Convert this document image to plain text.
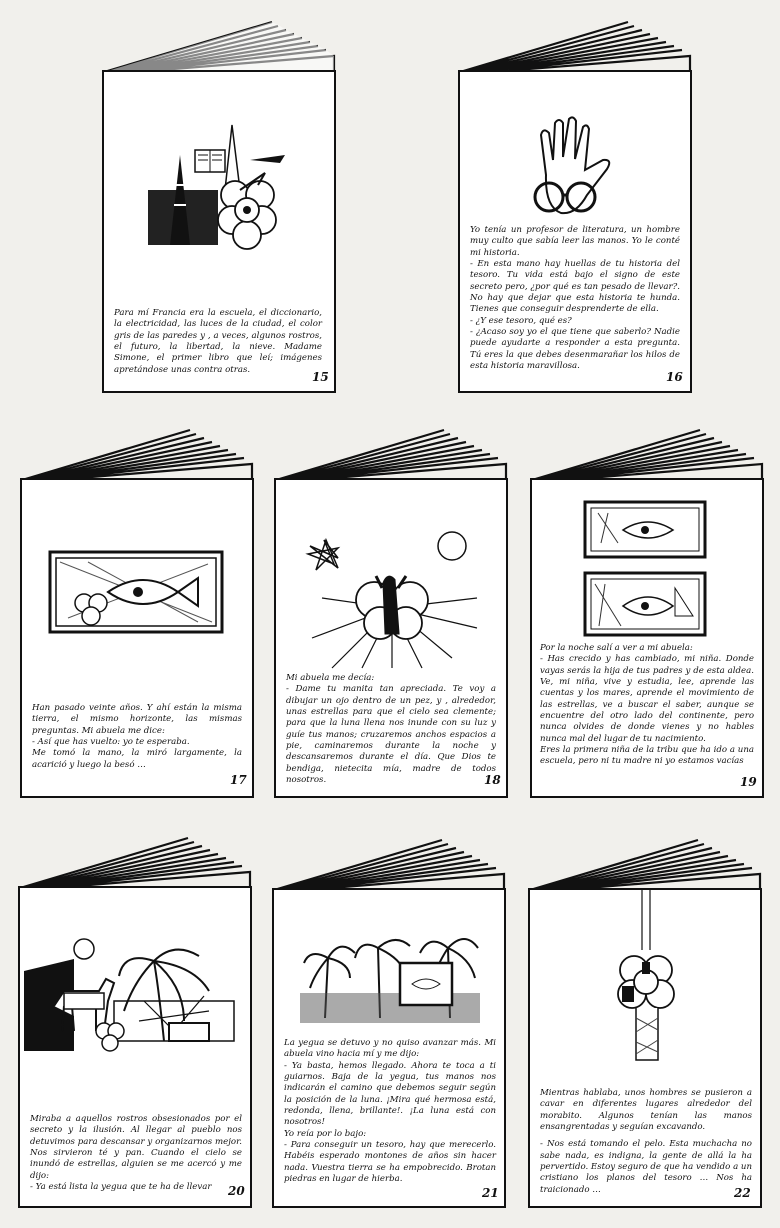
Para mí Francia era la escuela, el diccionario, la electricidad, las luces de la ciudad, el color gris de las paredes y , a veces, algunos rostros, el futuro, la libertad, la nieve. Madame Simone, el primer libro que leí; imágenes apretándose unas contra otras.

15

Yo tenía un profesor de literatura, un hombre muy culto que sabía leer las manos. Yo le conté mi historia.

- En esta mano hay huellas de tu historia del tesoro. Tu vida está bajo el signo de este secreto pero, ¿por qué es tan pesado de llevar?. No hay que dejar que esta historia te hunda. Tienes que conseguir desprenderte de ella.

- ¿Y ese tesoro, qué es?

- ¿Acaso soy yo el que tiene que saberlo? Nadie puede ayudarte a responder a esta pregunta. Tú eres la que debes desenmarañar los hilos de esta historia maravillosa.

16

Han pasado veinte años. Y ahí están la misma tierra, el mismo horizonte, las mismas preguntas. Mi abuela me dice:

- Así que has vuelto: yo te esperaba.

Me tomó la mano, la miró largamente, la acarició y luego la besó …

17

Mi abuela me decía:

- Dame tu manita tan apreciada. Te voy a dibujar un ojo dentro de un pez, y , alrededor, unas estrellas para que el cielo sea clemente; para que la luna llena nos inunde con su luz y guíe tus manos; cruzaremos anchos espacios a pie, caminaremos durante la noche y descansaremos durante el día. Que Dios te bendiga, nietecita mía, madre de todos nosotros.	18

Por la noche salí a ver a mi abuela:

- Has crecido y has cambiado, mi niña. Donde vayas serás la hija de tus padres y de esta aldea. Ve, mi niña, vive y estudia, lee, aprende las cuentas y los mares, aprende el movimiento de las estrellas, ve a buscar el saber, aunque se encuentre del otro lado del continente, pero nunca olvides de donde vienes y no hables nunca mal del lugar de tu nacimiento.

Eres la primera niña de la tribu que ha ido a una escuela, pero ni tu madre ni yo estamos vacías

19

Miraba a aquellos rostros obsesionados por el secreto y la ilusión. Al llegar al pueblo nos detuvimos para descansar y organizarnos mejor. Nos sirvieron té y pan. Cuando el cielo se inundó de estrellas, alguien se me acercó y me dijo:

- Ya está lista la yegua que te ha de llevar	20

La yegua se detuvo y no quiso avanzar más. Mi abuela vino hacia mí y me dijo:

- Ya basta, hemos llegado. Ahora te toca a ti guiarnos. Baja de la yegua, tus manos nos indicarán el camino que debemos seguir según la posición de la luna. ¡Mira qué hermosa está, redonda, llena, brillante!. ¡La luna está con nosotros!

Yo reía por lo bajo:

- Para conseguir un tesoro, hay que merecerlo. Habéis esperado montones de años sin hacer nada. Vuestra tierra se ha empobrecido. Brotan piedras en lugar de hierba.

21

Mientras hablaba, unos hombres se pusieron a cavar en diferentes lugares alrededor del morabito. Algunos tenían las manos ensangrentadas y seguían excavando.

- Nos está tomando el pelo. Esta muchacha no sabe nada, es indigna, la gente de allá la ha pervertido. Estoy seguro de que ha vendido a un cristiano los planos del tesoro … Nos ha traicionado …	22
